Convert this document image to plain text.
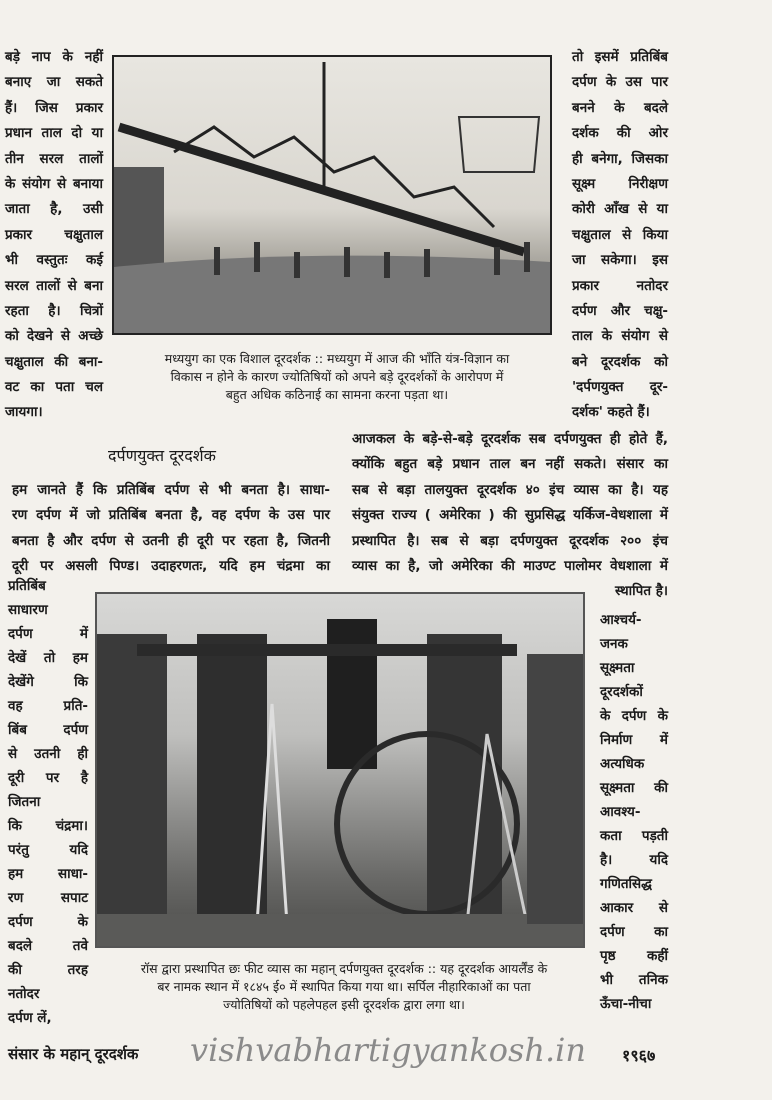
बड़े नाप के नहीं
बनाए जा सकते
हैं। जिस प्रकार
प्रधान ताल दो या
तीन सरल तालों
के संयोग से बनाया
जाता है, उसी
प्रकार चक्षुताल
भी वस्तुतः कई
सरल तालों से बना
रहता है। चित्रों
को देखने से अच्छे
चक्षुताल की बना-
वट का पता चल
जायगा।
तो इसमें प्रतिबिंब
दर्पण के उस पार
बनने के बदले
दर्शक की ओर
ही बनेगा, जिसका
सूक्ष्म निरीक्षण
कोरी आँख से या
चक्षुताल से किया
जा सकेगा। इस
प्रकार नतोदर
दर्पण और चक्षु-
ताल के संयोग से
बने दूरदर्शक को
'दर्पणयुक्त दूर-
दर्शक' कहते हैं।
मध्ययुग का एक विशाल दूरदर्शक :: मध्ययुग में आज की भाँति यंत्र-विज्ञान का
विकास न होने के कारण ज्योतिषियों को अपने बड़े दूरदर्शकों के आरोपण में
बहुत अधिक कठिनाई का सामना करना पड़ता था।
दर्पणयुक्त दूरदर्शक
हम जानते हैं कि प्रतिबिंब दर्पण से भी बनता है। साधा-
रण दर्पण में जो प्रतिबिंब बनता है, वह दर्पण के उस पार
बनता है और दर्पण से उतनी ही दूरी पर रहता है, जितनी
दूरी पर असली पिण्ड। उदाहरणतः, यदि हम चंद्रमा का
आजकल के बड़े-से-बड़े दूरदर्शक सब दर्पणयुक्त ही होते हैं,
क्योंकि बहुत बड़े प्रधान ताल बन नहीं सकते। संसार का
सब से बड़ा तालयुक्त दूरदर्शक ४० इंच व्यास का है। यह
संयुक्त राज्य ( अमेरिका ) की सुप्रसिद्ध यर्किज-वेधशाला में
प्रस्थापित है। सब से बड़ा दर्पणयुक्त दूरदर्शक २०० इंच
व्यास का है, जो अमेरिका की माउण्ट पालोमर वेधशाला में
स्थापित है।
प्रतिबिंब
साधारण
दर्पण में
देखें तो हम
देखेंगे कि
वह प्रति-
बिंब दर्पण
से उतनी ही
दूरी पर है
जितना
कि चंद्रमा।
परंतु यदि
हम साधा-
रण सपाट
दर्पण के
बदले तवे
की तरह
नतोदर
दर्पण लें,
आश्चर्य-
जनक
सूक्ष्मता
दूरदर्शकों
के दर्पण के
निर्माण में
अत्यधिक
सूक्ष्मता की
आवश्य-
कता पड़ती
है। यदि
गणितसिद्ध
आकार से
दर्पण का
पृष्ठ कहीं
भी तनिक
ऊँचा-नीचा
रॉस द्वारा प्रस्थापित छः फीट व्यास का महान् दर्पणयुक्त दूरदर्शक :: यह दूरदर्शक आयर्लैंड के
बर नामक स्थान में १८४५ ई० में स्थापित किया गया था। सर्पिल नीहारिकाओं का पता
ज्योतिषियों को पहलेपहल इसी दूरदर्शक द्वारा लगा था।
संसार के महान् दूरदर्शक vishvabhartigyankosh.in	१९६७
